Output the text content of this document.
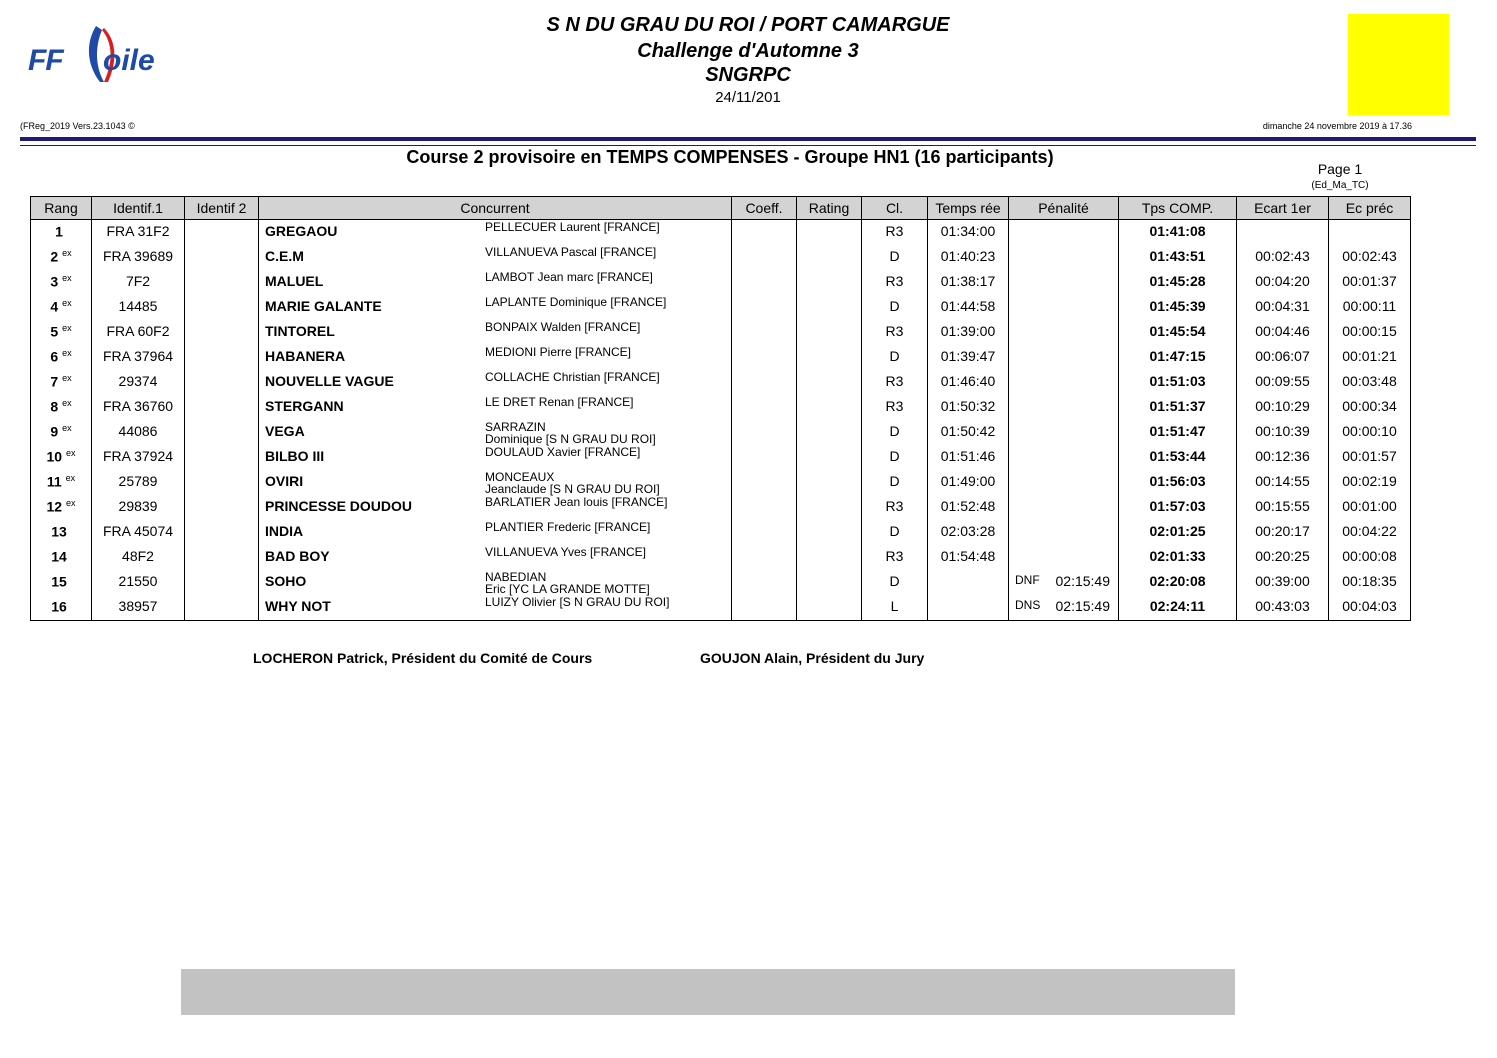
FF oile
S N DU GRAU DU ROI / PORT CAMARGUE
Challenge d'Automne 3
SNGRPC
24/11/201
(FReg_2019 Vers.23.1043 ©	dimanche 24 novembre 2019 à 17.36
Course 2 provisoire en TEMPS COMPENSES - Groupe HN1 (16 participants)
Page 1
(Ed_Ma_TC)
Rang	Identif.1	Identif 2	Concurrent	Coeff.	Rating	Cl.	Temps rée	Pénalité	Tps COMP.	Ecart 1er	Ec préc
1	FRA 31F2		GREGAOU PELLECUER Laurent [FRANCE]			R3	01:34:00		01:41:08		
2 $^{ex}$	FRA 39689		C.E.M VILLANUEVA Pascal [FRANCE]			D	01:40:23		01:43:51	00:02:43	00:02:43
3 $^{ex}$	7F2		MALUEL LAMBOT Jean marc [FRANCE]			R3	01:38:17		01:45:28	00:04:20	00:01:37
4 $^{ex}$	14485		MARIE GALANTE LAPLANTE Dominique [FRANCE]			D	01:44:58		01:45:39	00:04:31	00:00:11
5 $^{ex}$	FRA 60F2		TINTOREL BONPAIX Walden [FRANCE]			R3	01:39:00		01:45:54	00:04:46	00:00:15
6 $^{ex}$	FRA 37964		HABANERA MEDIONI Pierre [FRANCE]			D	01:39:47		01:47:15	00:06:07	00:01:21
7 $^{ex}$	29374		NOUVELLE VAGUE COLLACHE Christian [FRANCE]			R3	01:46:40		01:51:03	00:09:55	00:03:48
8 $^{ex}$	FRA 36760		STERGANN LE DRET Renan [FRANCE]			R3	01:50:32		01:51:37	00:10:29	00:00:34
9 $^{ex}$	44086		VEGA SARRAZIN
Dominique [S N GRAU DU ROI]			D	01:50:42		01:51:47	00:10:39	00:00:10
10 $^{ex}$	FRA 37924		BILBO III DOULAUD Xavier [FRANCE]			D	01:51:46		01:53:44	00:12:36	00:01:57
11 $^{ex}$	25789		OVIRI MONCEAUX
Jeanclaude [S N GRAU DU ROI]			D	01:49:00		01:56:03	00:14:55	00:02:19
12 $^{ex}$	29839		PRINCESSE DOUDOU BARLATIER Jean louis [FRANCE]			R3	01:52:48		01:57:03	00:15:55	00:01:00
13	FRA 45074		INDIA PLANTIER Frederic [FRANCE]			D	02:03:28		02:01:25	00:20:17	00:04:22
14	48F2		BAD BOY VILLANUEVA Yves [FRANCE]			R3	01:54:48		02:01:33	00:20:25	00:00:08
15	21550		SOHO NABEDIAN
Eric [YC LA GRANDE MOTTE]			D		DNF 02:15:49	02:20:08	00:39:00	00:18:35
16	38957		WHY NOT LUIZY Olivier [S N GRAU DU ROI]			L		DNS 02:15:49	02:24:11	00:43:03	00:04:03
LOCHERON Patrick, Président du Comité de Cours	GOUJON Alain, Président du Jury
